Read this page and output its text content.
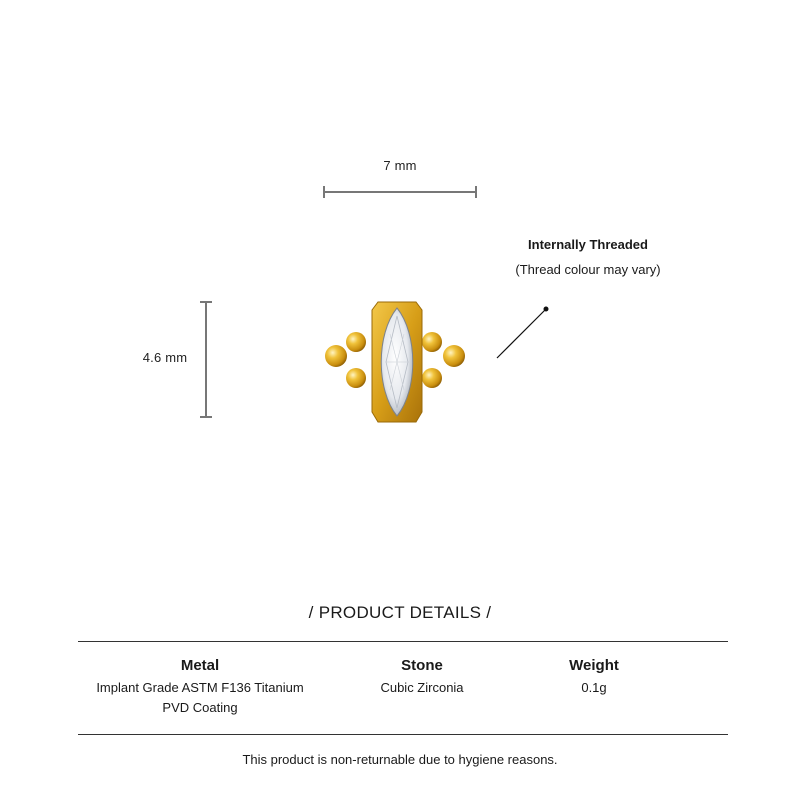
7 mm
4.6 mm
Internally Threaded
(Thread colour may vary)
/ PRODUCT DETAILS /
Metal
Implant Grade ASTM F136 Titanium
PVD Coating
Stone
Cubic Zirconia
Weight
0.1g
This product is non-returnable due to hygiene reasons.
